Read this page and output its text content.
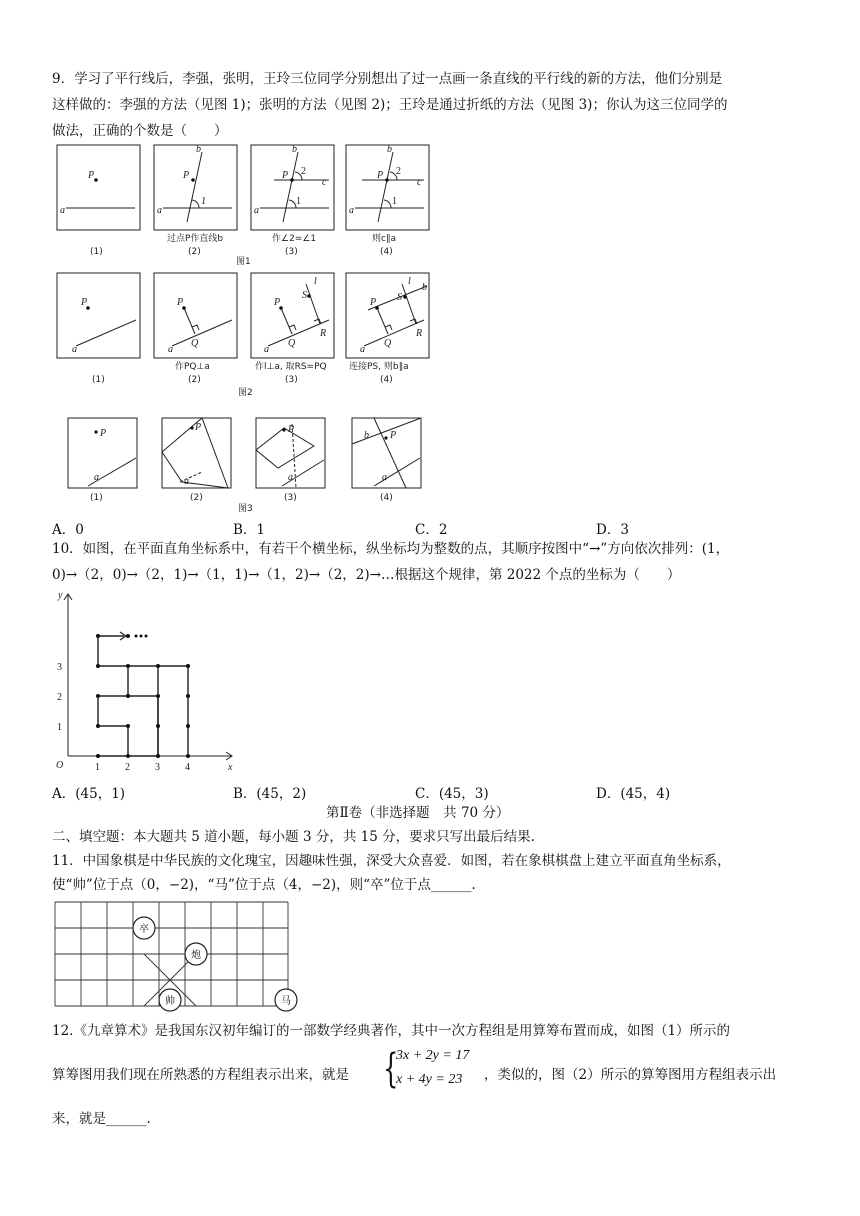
9．学习了平行线后，李强，张明，王玲三位同学分别想出了过一点画一条直线的平行线的新的方法，他们分别是
这样做的：李强的方法（见图 1)；张明的方法（见图 2)；王玲是通过折纸的方法（见图 3)；你认为这三位同学的
做法，正确的个数是（　　）
P
a
P
a
b
1
P
a
b
c
P
a
b
c
1
2
1
2
过点P作直线b	作∠2=∠1	则c∥a
(1)	(2)	(3)	(4)
图1
P
a
P
a
Q
P
a
Q
S
l
R
P
a
Q
S
l
R
b
作PQ⊥a	作l⊥a, 取RS=PQ 连接PS, 则b∥a
(1)	(2)	(3)	(4)
图2
P
a
P
a
P
a
P
b
a
(1)	(2)	(3)	(4)
图3
A．0	B．1	C．2	D．3
10．如图，在平面直角坐标系中，有若干个横坐标，纵坐标均为整数的点，其顺序按图中“→”方向依次排列：(1，
0)→（2，0)→（2，1)→（1，1)→（1，2)→（2，2)→…根据这个规律，第 2022 个点的坐标为（　　）
x
y
O	1	2	3	4
1
2
3
A．(45，1)	B．(45，2)	C．(45，3)	D．(45，4)
第Ⅱ卷（非选择题　共 70 分）
二、填空题：本大题共 5 道小题，每小题 3 分，共 15 分，要求只写出最后结果.
11．中国象棋是中华民族的文化瑰宝，因趣味性强，深受大众喜爱．如图，若在象棋棋盘上建立平面直角坐标系，
使“帅”位于点（0，−2)，“马”位于点（4，−2)，则“卒”位于点______.
卒
炮
帅	马
12.《九章算术》是我国东汉初年编订的一部数学经典著作，其中一次方程组是用算筹布置而成，如图（1）所示的
算筹图用我们现在所熟悉的方程组表示出来，就是 {
3x + 2y = 17
x + 4y = 23 ，类似的，图（2）所示的算筹图用方程组表示出
来，就是______.
